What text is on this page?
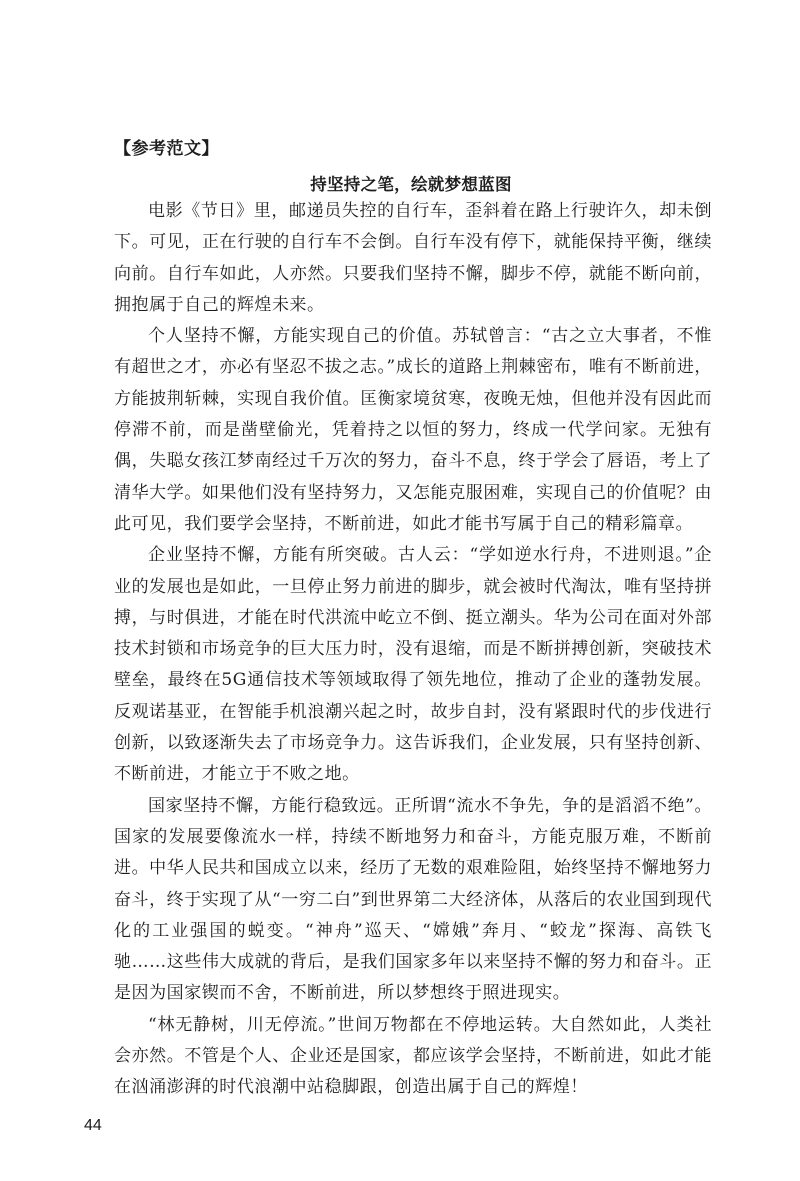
【参考范文】
持坚持之笔，绘就梦想蓝图

电影《节日》里，邮递员失控的自行车，歪斜着在路上行驶许久，却未倒下。可见，正在行驶的自行车不会倒。自行车没有停下，就能保持平衡，继续向前。自行车如此，人亦然。只要我们坚持不懈，脚步不停，就能不断向前，拥抱属于自己的辉煌未来。

个人坚持不懈，方能实现自己的价值。苏轼曾言：“古之立大事者，不惟有超世之才，亦必有坚忍不拔之志。”成长的道路上荆棘密布，唯有不断前进，方能披荆斩棘，实现自我价值。匡衡家境贫寒，夜晚无烛，但他并没有因此而停滞不前，而是凿壁偷光，凭着持之以恒的努力，终成一代学问家。无独有偶，失聪女孩江梦南经过千万次的努力，奋斗不息，终于学会了唇语，考上了清华大学。如果他们没有坚持努力，又怎能克服困难，实现自己的价值呢？由此可见，我们要学会坚持，不断前进，如此才能书写属于自己的精彩篇章。

企业坚持不懈，方能有所突破。古人云：“学如逆水行舟，不进则退。”企业的发展也是如此，一旦停止努力前进的脚步，就会被时代淘汰，唯有坚持拼搏，与时俱进，才能在时代洪流中屹立不倒、挺立潮头。华为公司在面对外部技术封锁和市场竞争的巨大压力时，没有退缩，而是不断拼搏创新，突破技术壁垒，最终在5G通信技术等领域取得了领先地位，推动了企业的蓬勃发展。反观诺基亚，在智能手机浪潮兴起之时，故步自封，没有紧跟时代的步伐进行创新，以致逐渐失去了市场竞争力。这告诉我们，企业发展，只有坚持创新、不断前进，才能立于不败之地。

国家坚持不懈，方能行稳致远。正所谓“流水不争先，争的是滔滔不绝”。国家的发展要像流水一样，持续不断地努力和奋斗，方能克服万难，不断前进。中华人民共和国成立以来，经历了无数的艰难险阻，始终坚持不懈地努力奋斗，终于实现了从“一穷二白”到世界第二大经济体，从落后的农业国到现代化的工业强国的蜕变。“神舟”巡天、“嫦娥”奔月、“蛟龙”探海、高铁飞驰……这些伟大成就的背后，是我们国家多年以来坚持不懈的努力和奋斗。正是因为国家锲而不舍，不断前进，所以梦想终于照进现实。

“林无静树，川无停流。”世间万物都在不停地运转。大自然如此，人类社会亦然。不管是个人、企业还是国家，都应该学会坚持，不断前进，如此才能在汹涌澎湃的时代浪潮中站稳脚跟，创造出属于自己的辉煌！

44
